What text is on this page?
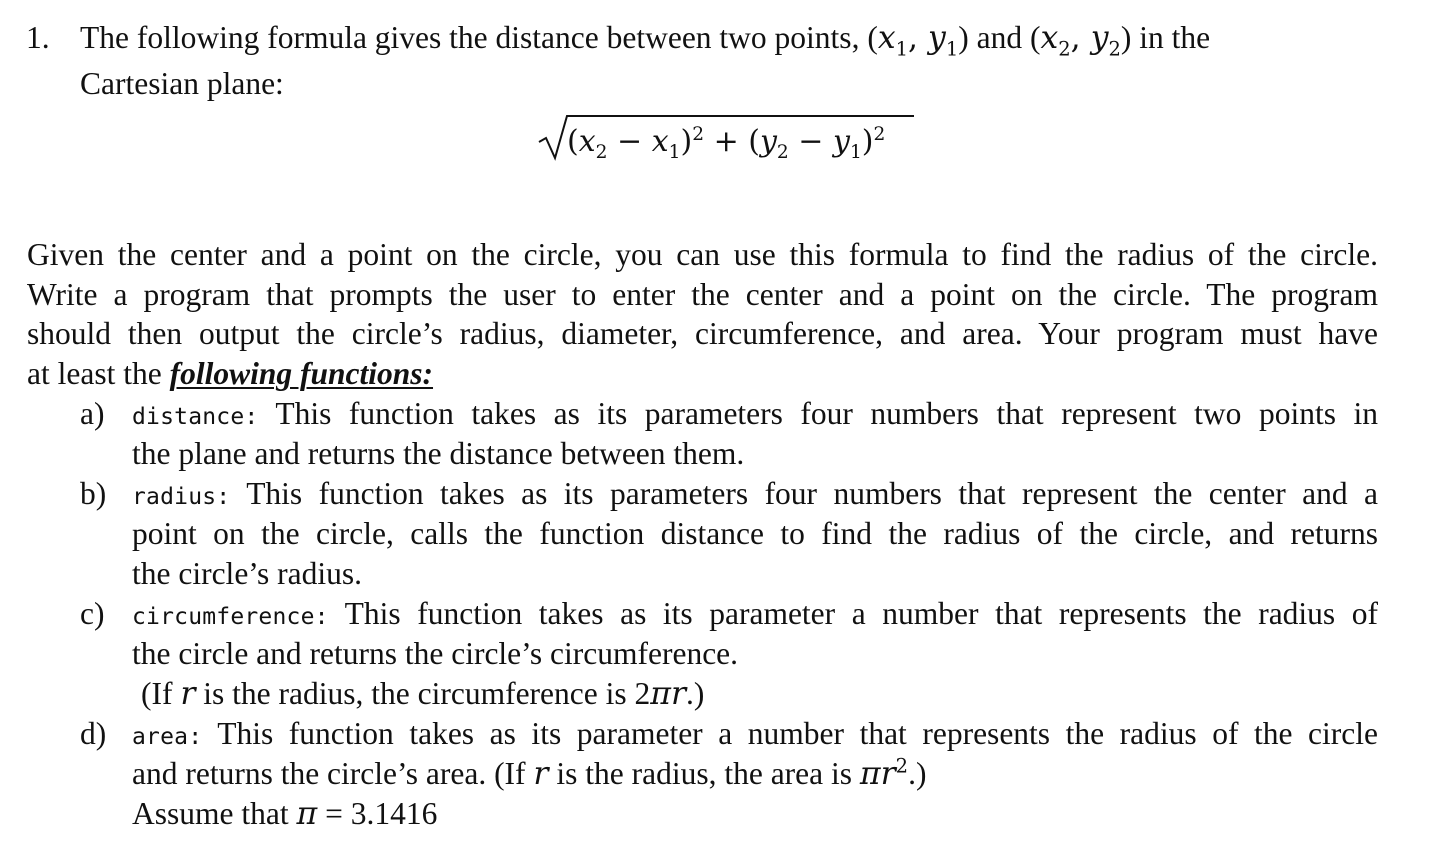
1. The following formula gives the distance between two points, ($x_1$, $y_1$) and ($x_2$, $y_2$) in the
Cartesian plane:
$(x_2 - x_1)^2 + (y_2 - y_1)^2$
Given the center and a point on the circle, you can use this formula to find the radius of the circle.
Write a program that prompts the user to enter the center and a point on the circle. The program
should then output the circle’s radius, diameter, circumference, and area. Your program must have
at least the following functions:
a) distance: This function takes as its parameters four numbers that represent two points in
the plane and returns the distance between them.
b) radius: This function takes as its parameters four numbers that represent the center and a
point on the circle, calls the function distance to find the radius of the circle, and returns
the circle’s radius.
c) circumference: This function takes as its parameter a number that represents the radius of
the circle and returns the circle’s circumference.
(If r is the radius, the circumference is 2πr.)
d) area: This function takes as its parameter a number that represents the radius of the circle
and returns the circle’s area. (If r is the radius, the area is $\pi r^2$.)
Assume that π = 3.1416
